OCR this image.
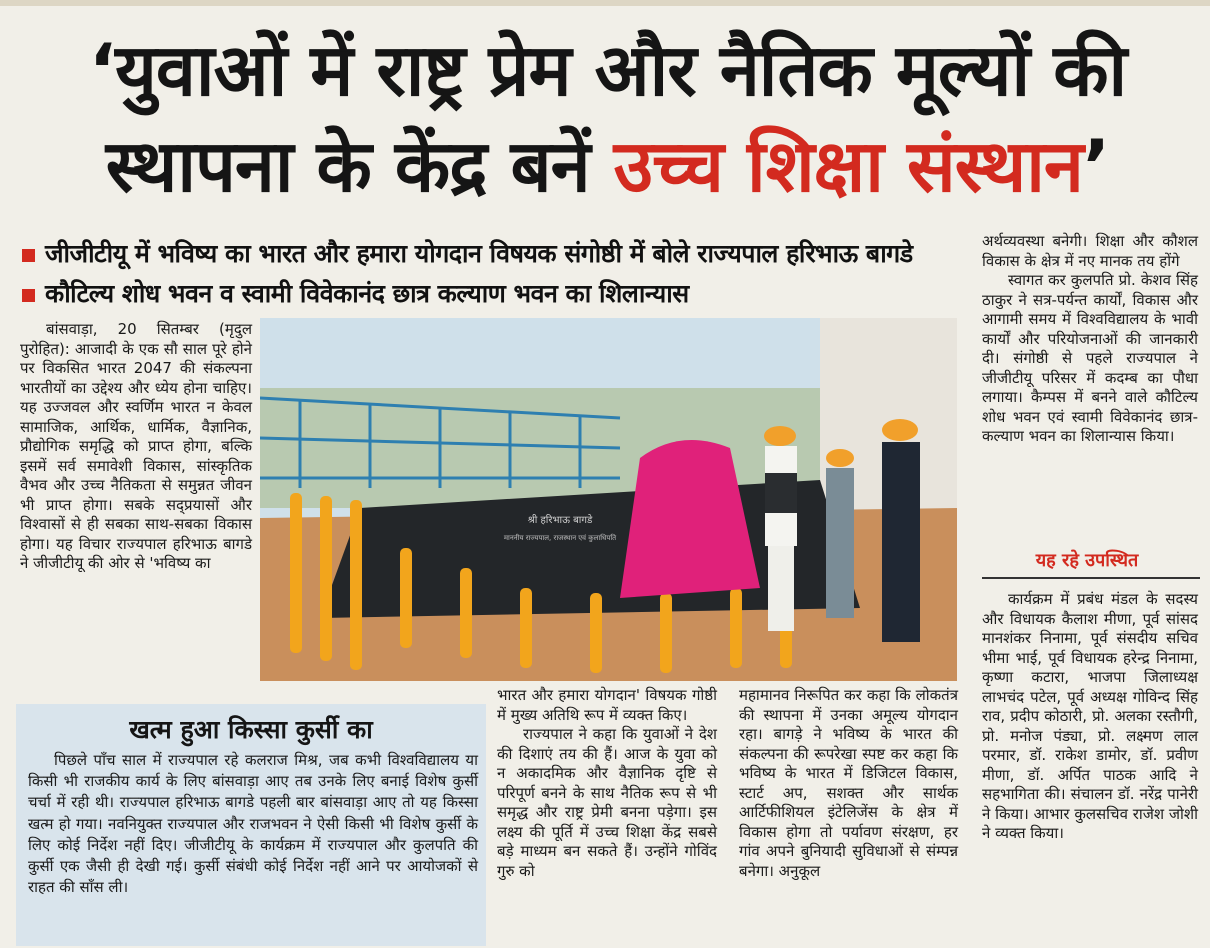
‘युवाओं में राष्ट्र प्रेम और नैतिक मूल्यों की
स्थापना के केंद्र बनें उच्च शिक्षा संस्थान’
जीजीटीयू में भविष्य का भारत और हमारा योगदान विषयक संगोष्ठी में बोले राज्यपाल हरिभाऊ बागडे
कौटिल्य शोध भवन व स्वामी विवेकानंद छात्र कल्याण भवन का शिलान्यास

बांसवाड़ा, 20 सितम्बर (मृदुल पुरोहित): आजादी के एक सौ साल पूरे होने पर विकसित भारत 2047 की संकल्पना भारतीयों का उद्देश्य और ध्येय होना चाहिए। यह उज्जवल और स्वर्णिम भारत न केवल सामाजिक, आर्थिक, धार्मिक, वैज्ञानिक, प्रौद्योगिक समृद्धि को प्राप्त होगा, बल्कि इसमें सर्व समावेशी विकास, सांस्कृतिक वैभव और उच्च नैतिकता से समुन्नत जीवन भी प्राप्त होगा। सबके सद्प्रयासों और विश्वासों से ही सबका साथ-सबका विकास होगा। यह विचार राज्यपाल हरिभाऊ बागडे ने जीजीटीयू की ओर से 'भविष्य का

श्री हरिभाऊ बागडे
माननीय राज्यपाल, राजस्थान एवं कुलाधिपति
खत्म हुआ किस्सा कुर्सी का
पिछले पाँच साल में राज्यपाल रहे कलराज मिश्र, जब कभी विश्वविद्यालय या किसी भी राजकीय कार्य के लिए बांसवाड़ा आए तब उनके लिए बनाई विशेष कुर्सी चर्चा में रही थी। राज्यपाल हरिभाऊ बागडे पहली बार बांसवाड़ा आए तो यह किस्सा खत्म हो गया। नवनियुक्त राज्यपाल और राजभवन ने ऐसी किसी भी विशेष कुर्सी के लिए कोई निर्देश नहीं दिए। जीजीटीयू के कार्यक्रम में राज्यपाल और कुलपति की कुर्सी एक जैसी ही देखी गई। कुर्सी संबंधी कोई निर्देश नहीं आने पर आयोजकों से राहत की साँस ली।

भारत और हमारा योगदान' विषयक गोष्ठी में मुख्य अतिथि रूप में व्यक्त किए।

राज्यपाल ने कहा कि युवाओं ने देश की दिशाएं तय की हैं। आज के युवा को न अकादमिक और वैज्ञानिक दृष्टि से परिपूर्ण बनने के साथ नैतिक रूप से भी समृद्ध और राष्ट्र प्रेमी बनना पड़ेगा। इस लक्ष्य की पूर्ति में उच्च शिक्षा केंद्र सबसे बड़े माध्यम बन सकते हैं। उन्होंने गोविंद गुरु को

महामानव निरूपित कर कहा कि लोकतंत्र की स्थापना में उनका अमूल्य योगदान रहा। बागड़े ने भविष्य के भारत की संकल्पना की रूपरेखा स्पष्ट कर कहा कि भविष्य के भारत में डिजिटल विकास, स्टार्ट अप, सशक्त और सार्थक आर्टिफीशियल इंटेलिजेंस के क्षेत्र में विकास होगा तो पर्यावण संरक्षण, हर गांव अपने बुनियादी सुविधाओं से संम्पन्न बनेगा। अनुकूल

अर्थव्यवस्था बनेगी। शिक्षा और कौशल विकास के क्षेत्र में नए मानक तय होंगे

स्वागत कर कुलपति प्रो. केशव सिंह ठाकुर ने सत्र-पर्यन्त कार्यों, विकास और आगामी समय में विश्वविद्यालय के भावी कार्यों और परियोजनाओं की जानकारी दी। संगोष्ठी से पहले राज्यपाल ने जीजीटीयू परिसर में कदम्ब का पौधा लगाया। कैम्पस में बनने वाले कौटिल्य शोध भवन एवं स्वामी विवेकानंद छात्र-कल्याण भवन का शिलान्यास किया।

यह रहे उपस्थित

कार्यक्रम में प्रबंध मंडल के सदस्य और विधायक कैलाश मीणा, पूर्व सांसद मानशंकर निनामा, पूर्व संसदीय सचिव भीमा भाई, पूर्व विधायक हरेन्द्र निनामा, कृष्णा कटारा, भाजपा जिलाध्यक्ष लाभचंद पटेल, पूर्व अध्यक्ष गोविन्द सिंह राव, प्रदीप कोठारी, प्रो. अलका रस्तौगी, प्रो. मनोज पंड्या, प्रो. लक्ष्मण लाल परमार, डॉ. राकेश डामोर, डॉ. प्रवीण मीणा, डॉ. अर्पित पाठक आदि ने सहभागिता की। संचालन डॉ. नरेंद्र पानेरी ने किया। आभार कुलसचिव राजेश जोशी ने व्यक्त किया।
